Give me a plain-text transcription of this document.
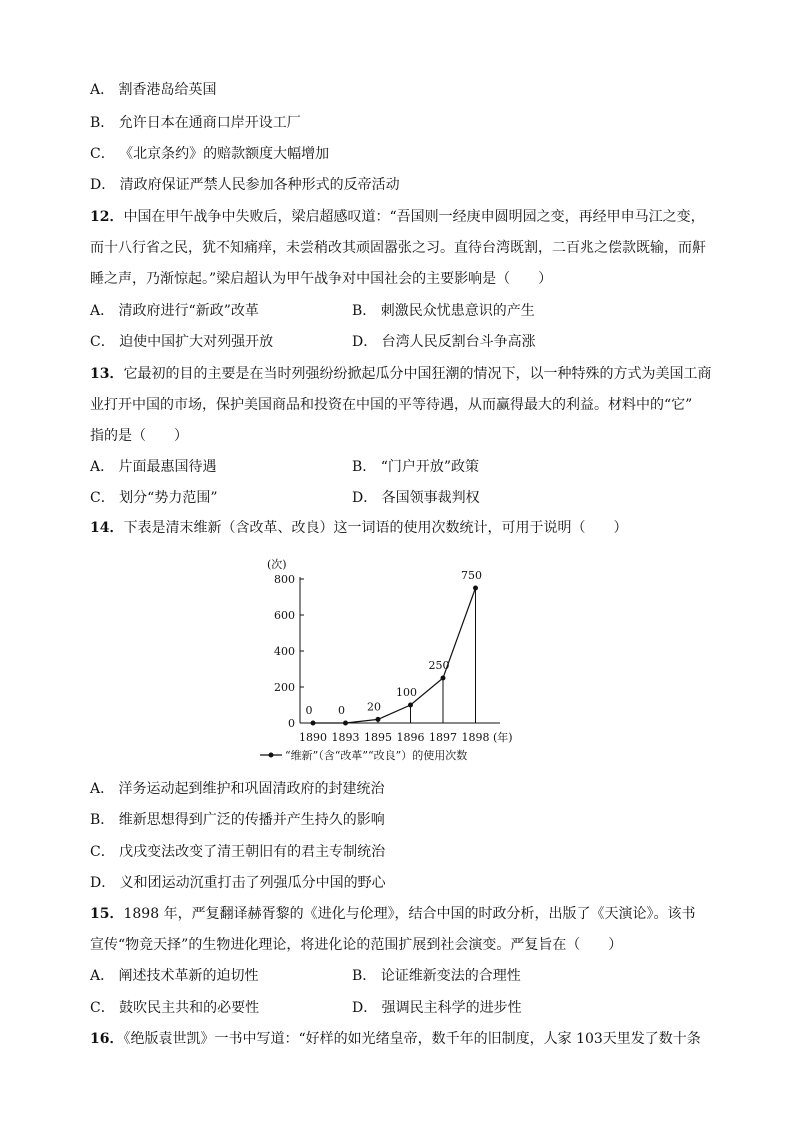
A． 割香港岛给英国
B． 允许日本在通商口岸开设工厂
C． 《北京条约》的赔款额度大幅增加
D． 清政府保证严禁人民参加各种形式的反帝活动
12．中国在甲午战争中失败后，梁启超感叹道：“吾国则一经庚申圆明园之变，再经甲申马江之变，
而十八行省之民，犹不知痛痒，未尝稍改其顽固嚣张之习。直待台湾既割，二百兆之偿款既输，而鼾
睡之声，乃渐惊起。”梁启超认为甲午战争对中国社会的主要影响是（　　）
A． 清政府进行“新政”改革	B． 刺激民众忧患意识的产生
C． 迫使中国扩大对列强开放	D． 台湾人民反割台斗争高涨
13．它最初的目的主要是在当时列强纷纷掀起瓜分中国狂潮的情况下，以一种特殊的方式为美国工商
业打开中国的市场，保护美国商品和投资在中国的平等待遇，从而赢得最大的利益。材料中的“它”
指的是（　　）
A． 片面最惠国待遇	B． “门户开放”政策
C． 划分“势力范围”	D． 各国领事裁判权
14．下表是清末维新（含改革、改良）这一词语的使用次数统计，可用于说明（　　）
(次)
0
200
400
600
800
1890 1893 1895 1896 1897 1898
0 0 20
100
250
750
(年)
“维新”（含“改革”“改良”）的使用次数
A． 洋务运动起到维护和巩固清政府的封建统治
B． 维新思想得到广泛的传播并产生持久的影响
C． 戊戌变法改变了清王朝旧有的君主专制统治
D． 义和团运动沉重打击了列强瓜分中国的野心
15．1898 年，严复翻译赫胥黎的《进化与伦理》，结合中国的时政分析，出版了《天演论》。该书
宣传“物竞天择”的生物进化理论，将进化论的范围扩展到社会演变。严复旨在（　　）
A． 阐述技术革新的迫切性	B． 论证维新变法的合理性
C． 鼓吹民主共和的必要性	D． 强调民主科学的进步性
16．《绝版袁世凯》一书中写道：“好样的如光绪皇帝，数千年的旧制度，人家 103天里发了数十条
